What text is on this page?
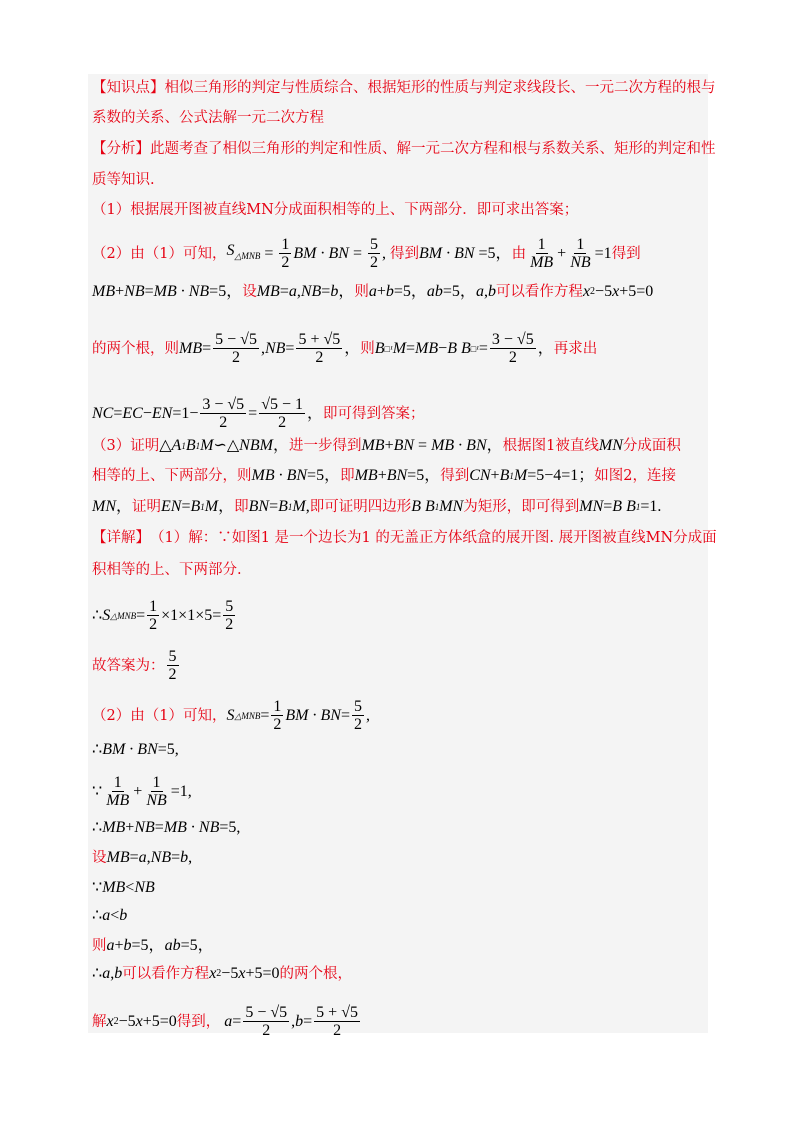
【知识点】 相似三角形的判定与性质综合、根据矩形的性质与判定求线段长、一元二次方程的根与
系数的关系、公式法解一元二次方程
【分析】 此题考查了相似三角形的判定和性质、解一元二次方程和根与系数关系、矩形的判定和性
质等知识.
（1）根据展开图被直线MN分成面积相等的上、下两部分．即可求出答案；
（2）由（1）可知， $S_{\triangle MNB} = \frac{1}{2}$ BM · BN = $\frac{5}{2}$ , 得到 BM · BN =5， 由 $\frac{1}{MB} + \frac{1}{NB} =1$ 得到
MB + NB = MB · NB =5， 设 MB = a , NB = b ， 则 a + b =5， ab =5， a , b 可以看作方程 x 2 −5 x +5=0
的两个根，则 MB = $\frac{5 - √5}{2}$ , NB = $\frac{5 + √5}{2}$ ， 则 B □¹ M = MB − B B □¹ = $\frac{3 - √5}{2}$ ， 再求出
NC = EC − EN $=1- \frac{3 - √5}{2} = \frac{√5 - 1}{2}$ ， 即可得到答案；
（3）证明 △ A 1 B 1 M ∽△ NBM ， 进一步得到 MB + BN = MB · BN ， 根据图1被直线 MN 分成面积
相等的上、下两部分，则 MB · BN =5， 即 MB + BN =5， 得到 CN + B 1 M =5−4=1； 如图2，连接
MN ， 证明 EN = B 1 M ， 即 BN = B 1 M , 即可证明四边形 B B 1 MN 为矩形，即可得到 MN = B B 1 =1.
【详解】 （1）解：∵如图1 是一个边长为1 的无盖正方体纸盒的展开图. 展开图被直线MN分成面
积相等的上、下两部分.
∴ S △MNB = $\frac{1}{2} \times 1\times 1\times 5= \frac{5}{2}$
故答案为： $\frac{5}{2}$
（2）由（1）可知， S △MNB = $\frac{1}{2}$ BM · BN = $\frac{5}{2}$ ,
∴ BM · BN =5,
∵ $\frac{1}{MB} + \frac{1}{NB} =1$,
∴ MB + NB = MB · NB =5,
设 MB = a , NB = b ,
∵ MB < NB
∴ a < b
则 a + b =5， ab =5，
∴ a , b 可以看作方程 x 2 −5 x +5=0 的两个根，
解 x 2 −5 x +5=0 得到， $a = \frac{5 - √5}{2}$ , $b = \frac{5 + √5}{2}$
